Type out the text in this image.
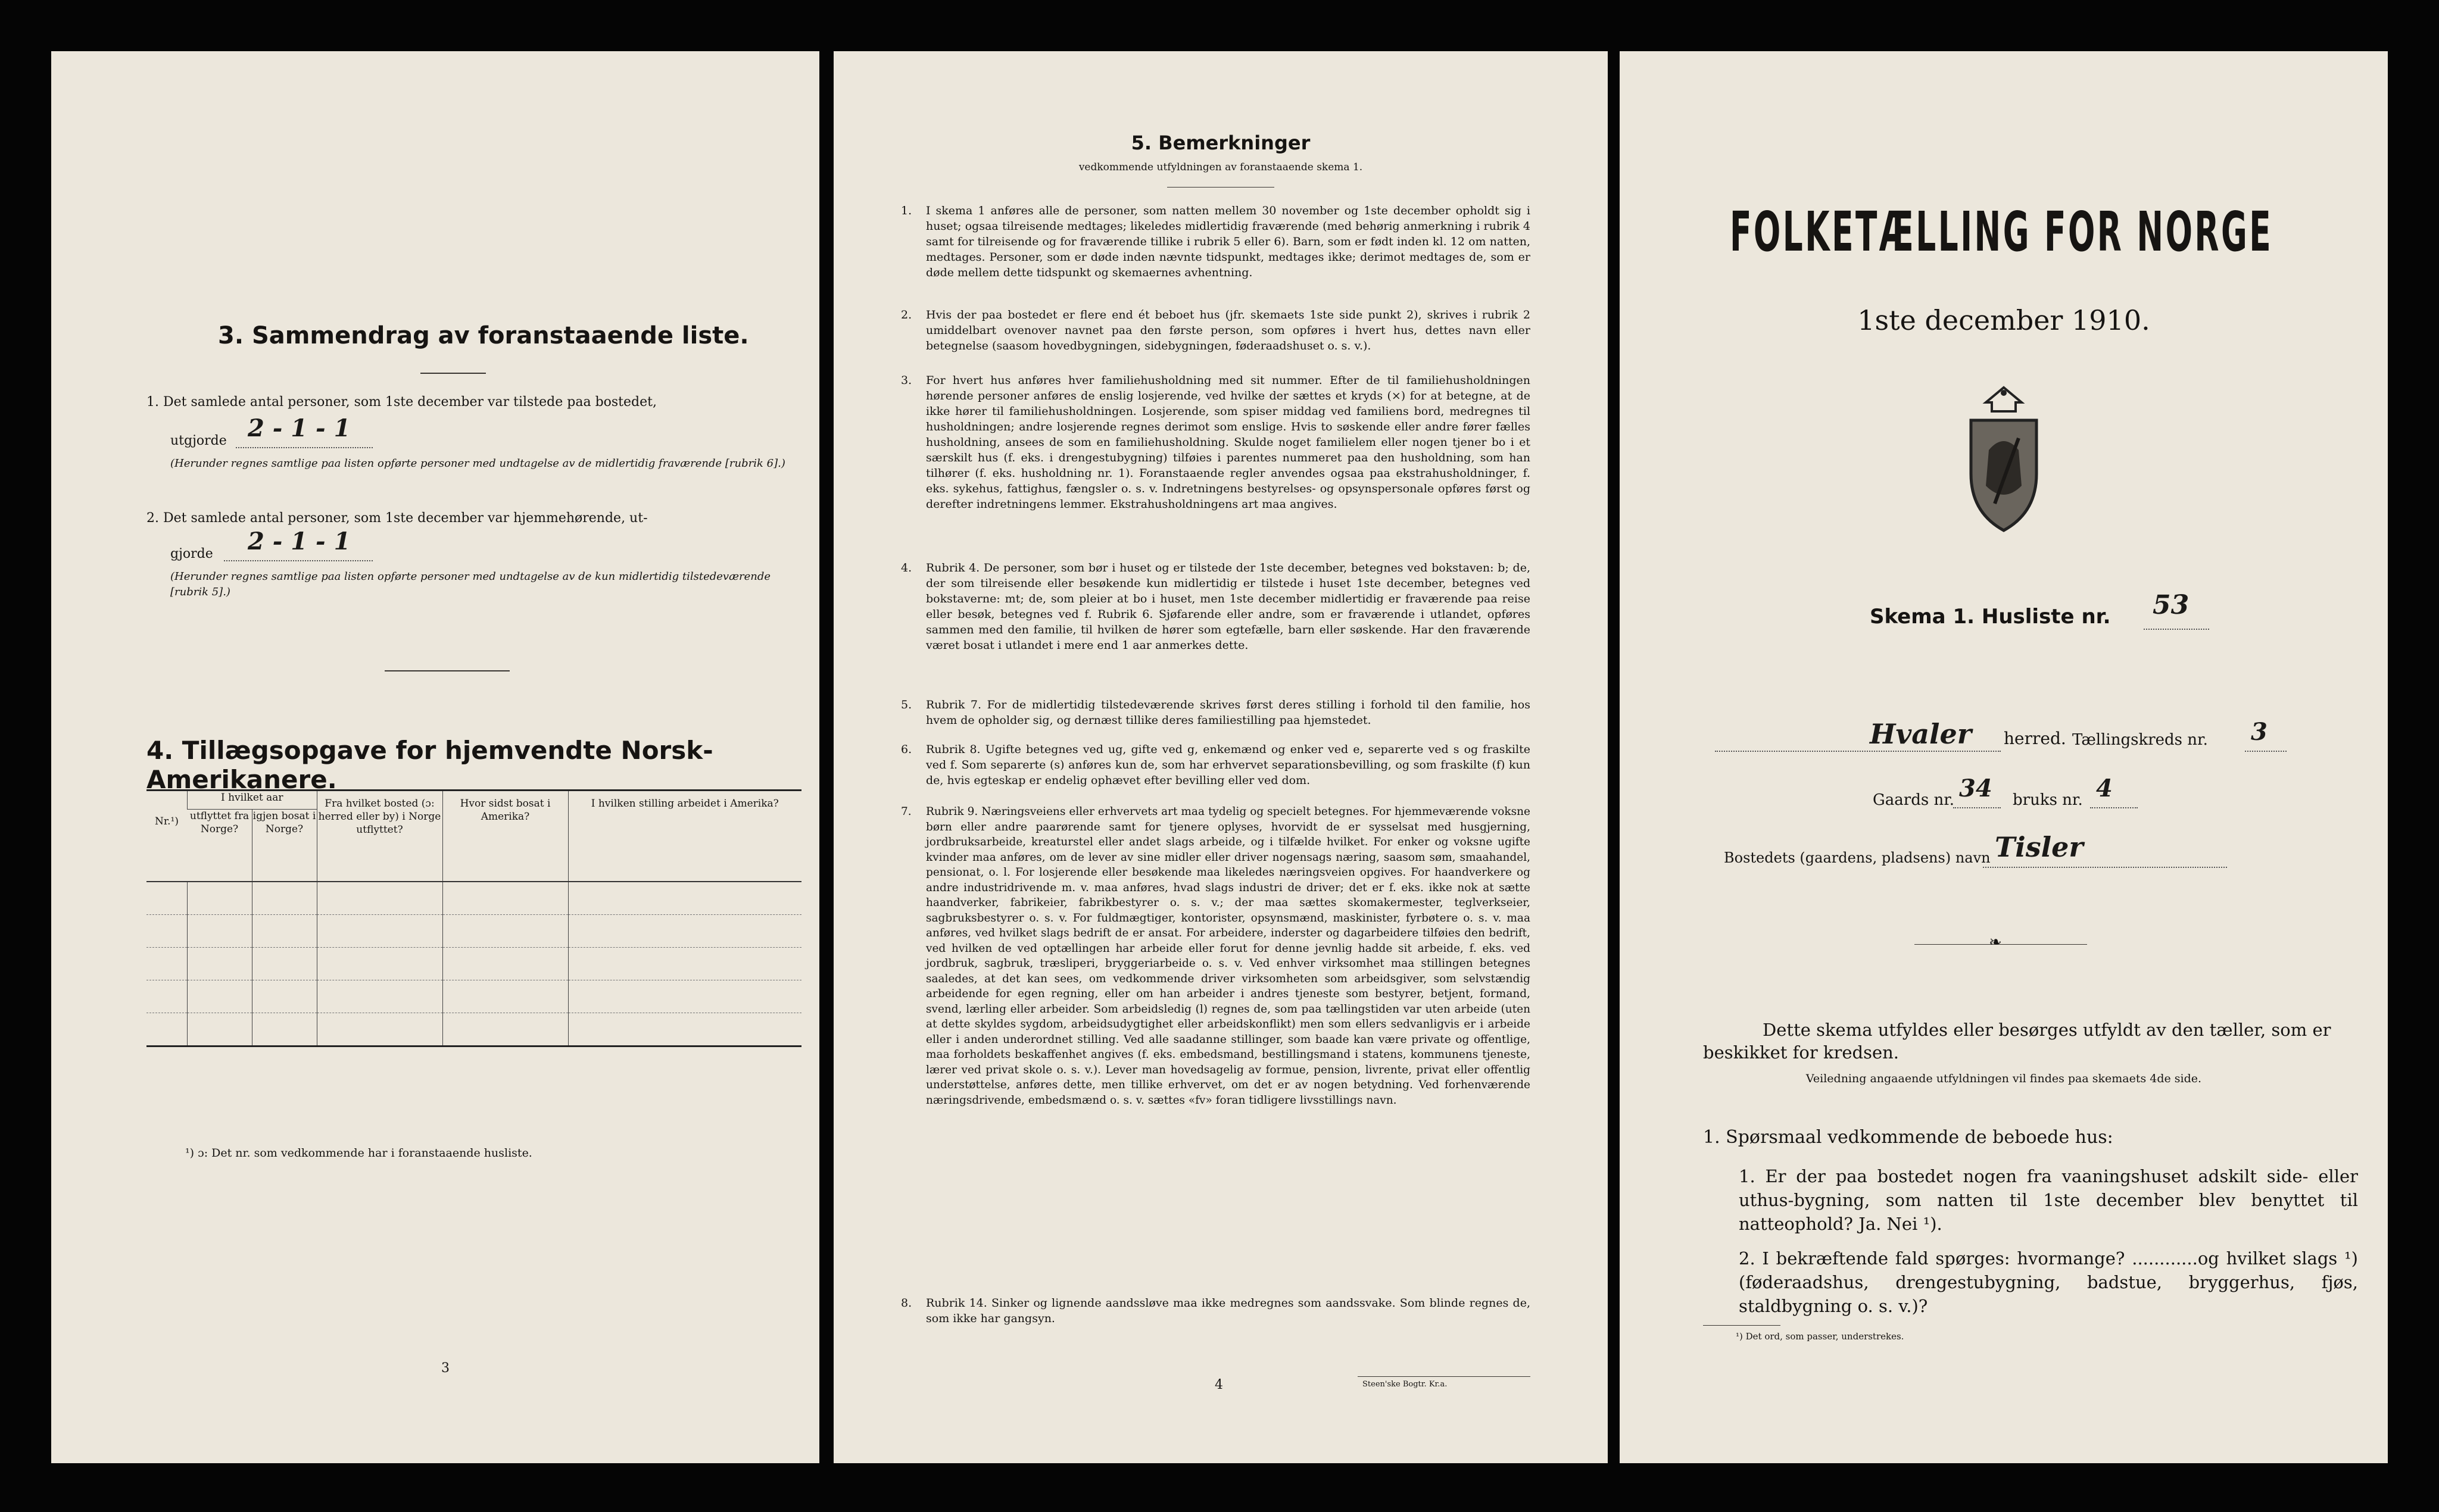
3. Sammendrag av foranstaaende liste.
1. Det samlede antal personer, som 1ste december var tilstede paa bostedet,
utgjorde 2 - 1 - 1
(Herunder regnes samtlige paa listen opførte personer med undtagelse av de midlertidig fraværende [rubrik 6].)
2. Det samlede antal personer, som 1ste december var hjemmehørende, ut-
gjorde 2 - 1 - 1
(Herunder regnes samtlige paa listen opførte personer med undtagelse av de kun midlertidig tilstedeværende [rubrik 5].)
4. Tillægsopgave for hjemvendte Norsk-Amerikanere.
Nr.¹)	I hvilket aar		Fra hvilket bosted (ɔ: herred eller by) i Norge utflyttet?	Hvor sidst bosat i Amerika?	I hvilken stilling arbeidet i Amerika?
	utflyttet fra Norge?	igjen bosat i Norge?			

¹) ɔ: Det nr. som vedkommende har i foranstaaende husliste.
3
5. Bemerkninger
vedkommende utfyldningen av foranstaaende skema 1.
1. I skema 1 anføres alle de personer, som natten mellem 30 november og 1ste december opholdt sig i huset; ogsaa tilreisende medtages; likeledes midlertidig fraværende (med behørig anmerkning i rubrik 4 samt for tilreisende og for fraværende tillike i rubrik 5 eller 6). Barn, som er født inden kl. 12 om natten, medtages. Personer, som er døde inden nævnte tidspunkt, medtages ikke; derimot medtages de, som er døde mellem dette tidspunkt og skemaernes avhentning.
2. Hvis der paa bostedet er flere end ét beboet hus (jfr. skemaets 1ste side punkt 2), skrives i rubrik 2 umiddelbart ovenover navnet paa den første person, som opføres i hvert hus, dettes navn eller betegnelse (saasom hovedbygningen, sidebygningen, føderaadshuset o. s. v.).
3. For hvert hus anføres hver familiehusholdning med sit nummer. Efter de til familiehusholdningen hørende personer anføres de enslig losjerende, ved hvilke der sættes et kryds (×) for at betegne, at de ikke hører til familiehusholdningen. Losjerende, som spiser middag ved familiens bord, medregnes til husholdningen; andre losjerende regnes derimot som enslige. Hvis to søskende eller andre fører fælles husholdning, ansees de som en familiehusholdning. Skulde noget familielem eller nogen tjener bo i et særskilt hus (f. eks. i drengestubygning) tilføies i parentes nummeret paa den husholdning, som han tilhører (f. eks. husholdning nr. 1). Foranstaaende regler anvendes ogsaa paa ekstrahusholdninger, f. eks. sykehus, fattighus, fængsler o. s. v. Indretningens bestyrelses- og opsynspersonale opføres først og derefter indretningens lemmer. Ekstrahusholdningens art maa angives.
4. Rubrik 4. De personer, som bør i huset og er tilstede der 1ste december, betegnes ved bokstaven: b; de, der som tilreisende eller besøkende kun midlertidig er tilstede i huset 1ste december, betegnes ved bokstaverne: mt; de, som pleier at bo i huset, men 1ste december midlertidig er fraværende paa reise eller besøk, betegnes ved f. Rubrik 6. Sjøfarende eller andre, som er fraværende i utlandet, opføres sammen med den familie, til hvilken de hører som egtefælle, barn eller søskende. Har den fraværende været bosat i utlandet i mere end 1 aar anmerkes dette.
5. Rubrik 7. For de midlertidig tilstedeværende skrives først deres stilling i forhold til den familie, hos hvem de opholder sig, og dernæst tillike deres familiestilling paa hjemstedet.
6. Rubrik 8. Ugifte betegnes ved ug, gifte ved g, enkemænd og enker ved e, separerte ved s og fraskilte ved f. Som separerte (s) anføres kun de, som har erhvervet separationsbevilling, og som fraskilte (f) kun de, hvis egteskap er endelig ophævet efter bevilling eller ved dom.
7. Rubrik 9. Næringsveiens eller erhvervets art maa tydelig og specielt betegnes. For hjemmeværende voksne børn eller andre paarørende samt for tjenere oplyses, hvorvidt de er sysselsat med husgjerning, jordbruksarbeide, kreaturstel eller andet slags arbeide, og i tilfælde hvilket. For enker og voksne ugifte kvinder maa anføres, om de lever av sine midler eller driver nogensags næring, saasom søm, smaahandel, pensionat, o. l. For losjerende eller besøkende maa likeledes næringsveien opgives. For haandverkere og andre industridrivende m. v. maa anføres, hvad slags industri de driver; det er f. eks. ikke nok at sætte haandverker, fabrikeier, fabrikbestyrer o. s. v.; der maa sættes skomakermester, teglverkseier, sagbruksbestyrer o. s. v. For fuldmægtiger, kontorister, opsynsmænd, maskinister, fyrbøtere o. s. v. maa anføres, ved hvilket slags bedrift de er ansat. For arbeidere, inderster og dagarbeidere tilføies den bedrift, ved hvilken de ved optællingen har arbeide eller forut for denne jevnlig hadde sit arbeide, f. eks. ved jordbruk, sagbruk, træsliperi, bryggeriarbeide o. s. v. Ved enhver virksomhet maa stillingen betegnes saaledes, at det kan sees, om vedkommende driver virksomheten som arbeidsgiver, som selvstændig arbeidende for egen regning, eller om han arbeider i andres tjeneste som bestyrer, betjent, formand, svend, lærling eller arbeider. Som arbeidsledig (l) regnes de, som paa tællingstiden var uten arbeide (uten at dette skyldes sygdom, arbeidsudygtighet eller arbeidskonflikt) men som ellers sedvanligvis er i arbeide eller i anden underordnet stilling. Ved alle saadanne stillinger, som baade kan være private og offentlige, maa forholdets beskaffenhet angives (f. eks. embedsmand, bestillingsmand i statens, kommunens tjeneste, lærer ved privat skole o. s. v.). Lever man hovedsagelig av formue, pension, livrente, privat eller offentlig understøttelse, anføres dette, men tillike erhvervet, om det er av nogen betydning. Ved forhenværende næringsdrivende, embedsmænd o. s. v. sættes «fv» foran tidligere livsstillings navn.
8. Rubrik 14. Sinker og lignende aandssløve maa ikke medregnes som aandssvake. Som blinde regnes de, som ikke har gangsyn.
4	Steen'ske Bogtr. Kr.a.
FOLKETÆLLING FOR NORGE
1ste december 1910.
Skema 1. Husliste nr. 53
Hvaler herred. Tællingskreds nr. 3
Gaards nr. 34 bruks nr. 4
Bostedets (gaardens, pladsens) navn Tisler
❧
Dette skema utfyldes eller besørges utfyldt av den tæller, som er beskikket for kredsen.
Veiledning angaaende utfyldningen vil findes paa skemaets 4de side.
1. Spørsmaal vedkommende de beboede hus:
1. Er der paa bostedet nogen fra vaaningshuset adskilt side- eller uthus-bygning, som natten til 1ste december blev benyttet til natteophold? Ja. Nei ¹).
2. I bekræftende fald spørges: hvormange? ............og hvilket slags ¹) (føderaadshus, drengestubygning, badstue, bryggerhus, fjøs, staldbygning o. s. v.)?
¹) Det ord, som passer, understrekes.
